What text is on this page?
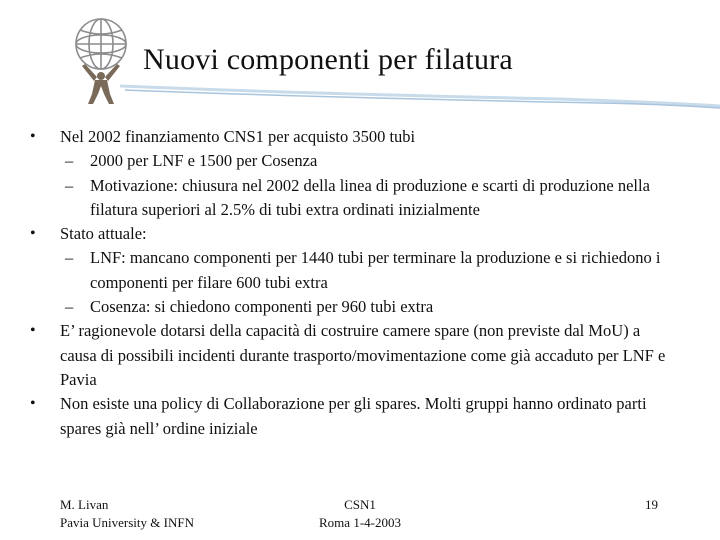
Nuovi componenti per filatura
• Nel 2002 finanziamento CNS1 per acquisto 3500 tubi
– 2000 per LNF e 1500 per Cosenza
– Motivazione: chiusura nel 2002 della linea di produzione e scarti di produzione nella filatura superiori al 2.5% di tubi extra ordinati inizialmente
• Stato attuale:
– LNF: mancano componenti per 1440 tubi per terminare la produzione e si richiedono i componenti per filare 600 tubi extra
– Cosenza: si chiedono componenti per 960 tubi extra
• E’ ragionevole dotarsi della capacità di costruire camere spare (non previste dal MoU) a causa di possibili incidenti durante trasporto/movimentazione come già accaduto per LNF e Pavia
• Non esiste una policy di Collaborazione per gli spares. Molti gruppi hanno ordinato parti spares già nell’ ordine iniziale
M. Livan
Pavia University & INFN
CSN1
Roma 1-4-2003
19
